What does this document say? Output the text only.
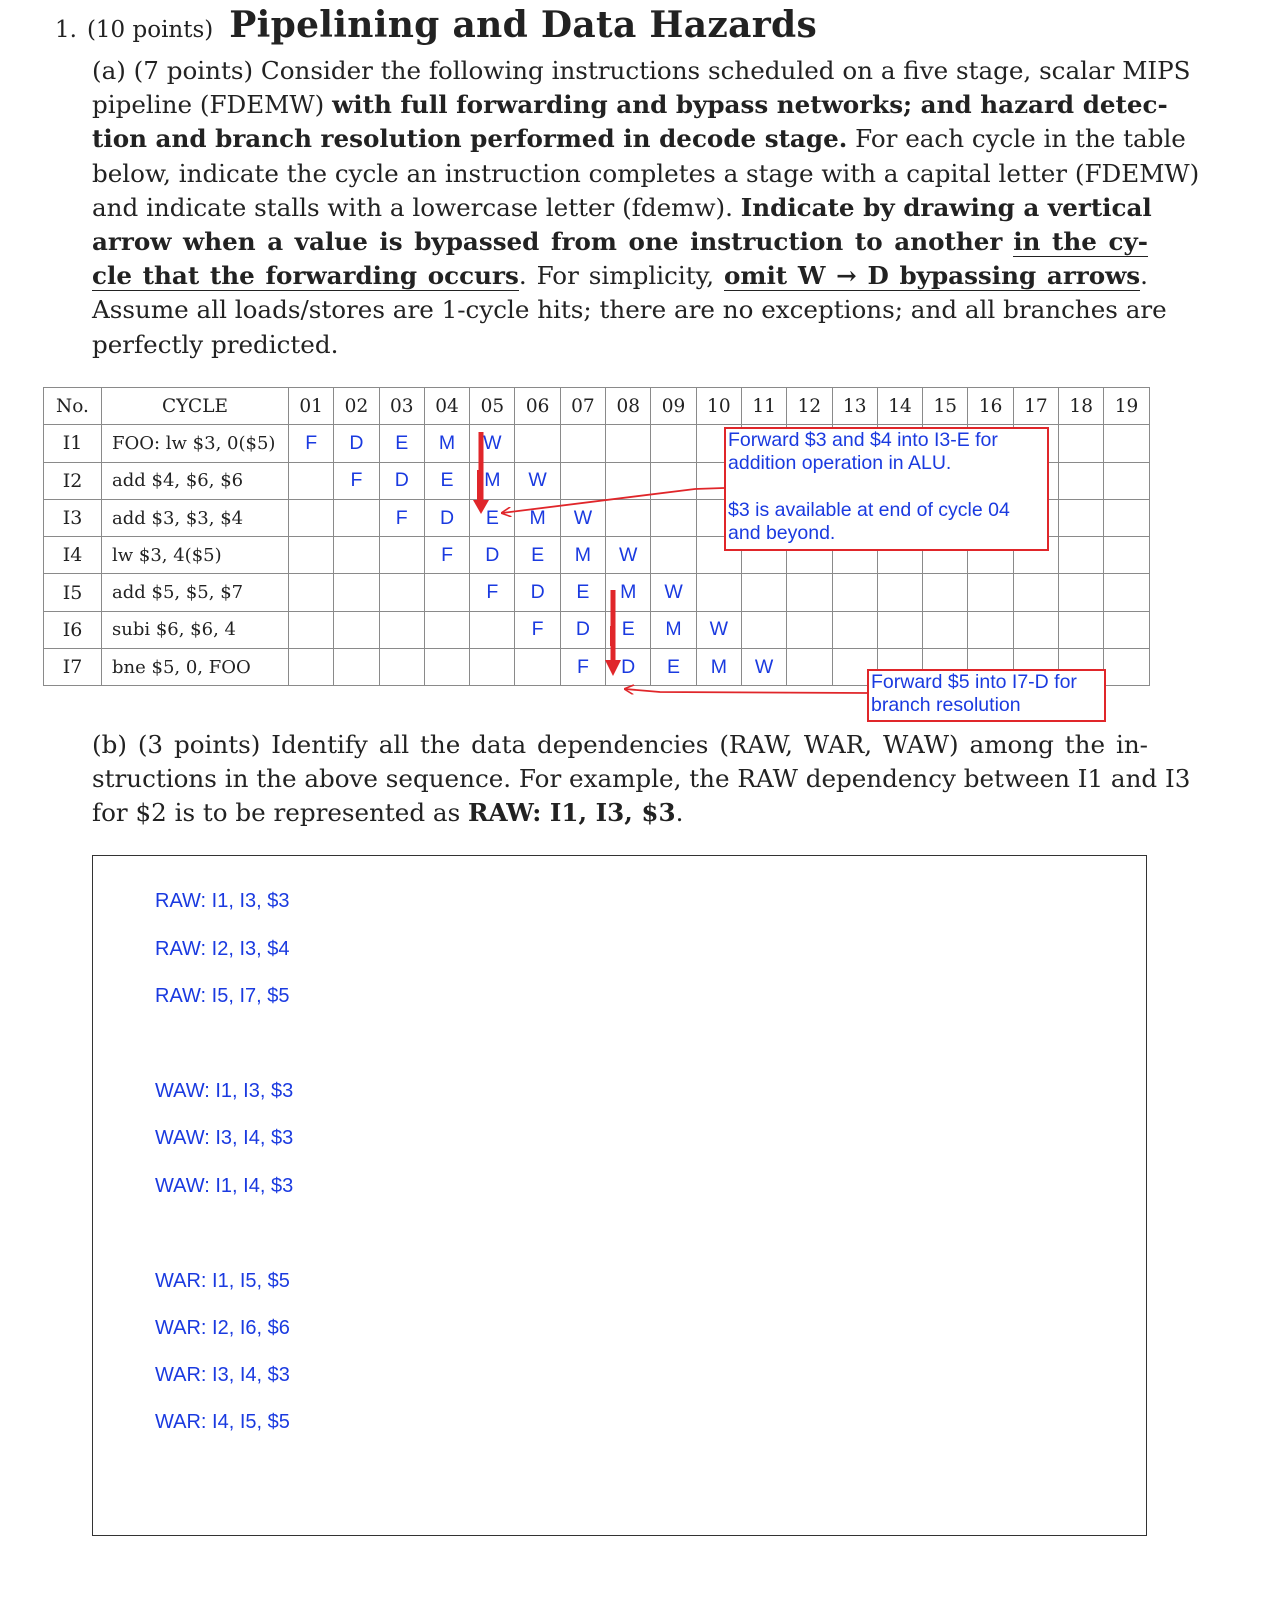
1. (10 points) Pipelining and Data Hazards
(a) (7 points) Consider the following instructions scheduled on a five stage, scalar MIPS
pipeline (FDEMW) with full forwarding and bypass networks; and hazard detec-
tion and branch resolution performed in decode stage. For each cycle in the table
below, indicate the cycle an instruction completes a stage with a capital letter (FDEMW)
and indicate stalls with a lowercase letter (fdemw). Indicate by drawing a vertical
arrow when a value is bypassed from one instruction to another in the cy-
cle that the forwarding occurs. For simplicity, omit W → D bypassing arrows.
Assume all loads/stores are 1-cycle hits; there are no exceptions; and all branches are
perfectly predicted.
No.	CYCLE	01	02	03	04	05	06	07	08	09	10	11	12	13	14	15	16	17	18	19
I1	FOO: lw $3, 0($5)	F	D	E	M	W														
I2	add $4, $6, $6		F	D	E	M	W													
I3	add $3, $3, $4			F	D	E	M	W												
I4	lw $3, 4($5)				F	D	E	M	W											
I5	add $5, $5, $7					F	D	E	M	W										
I6	subi $6, $6, 4						F	D	E	M	W									
I7	bne $5, 0, FOO							F	D	E	M	W								
Forward $3 and $4 into I3-E for
addition operation in ALU.
$3 is available at end of cycle 04
and beyond.
Forward $5 into I7-D for
branch resolution
(b) (3 points) Identify all the data dependencies (RAW, WAR, WAW) among the in-
structions in the above sequence. For example, the RAW dependency between I1 and I3
for $2 is to be represented as RAW: I1, I3, $3.
RAW: I1, I3, $3
RAW: I2, I3, $4
RAW: I5, I7, $5
WAW: I1, I3, $3
WAW: I3, I4, $3
WAW: I1, I4, $3
WAR: I1, I5, $5
WAR: I2, I6, $6
WAR: I3, I4, $3
WAR: I4, I5, $5
